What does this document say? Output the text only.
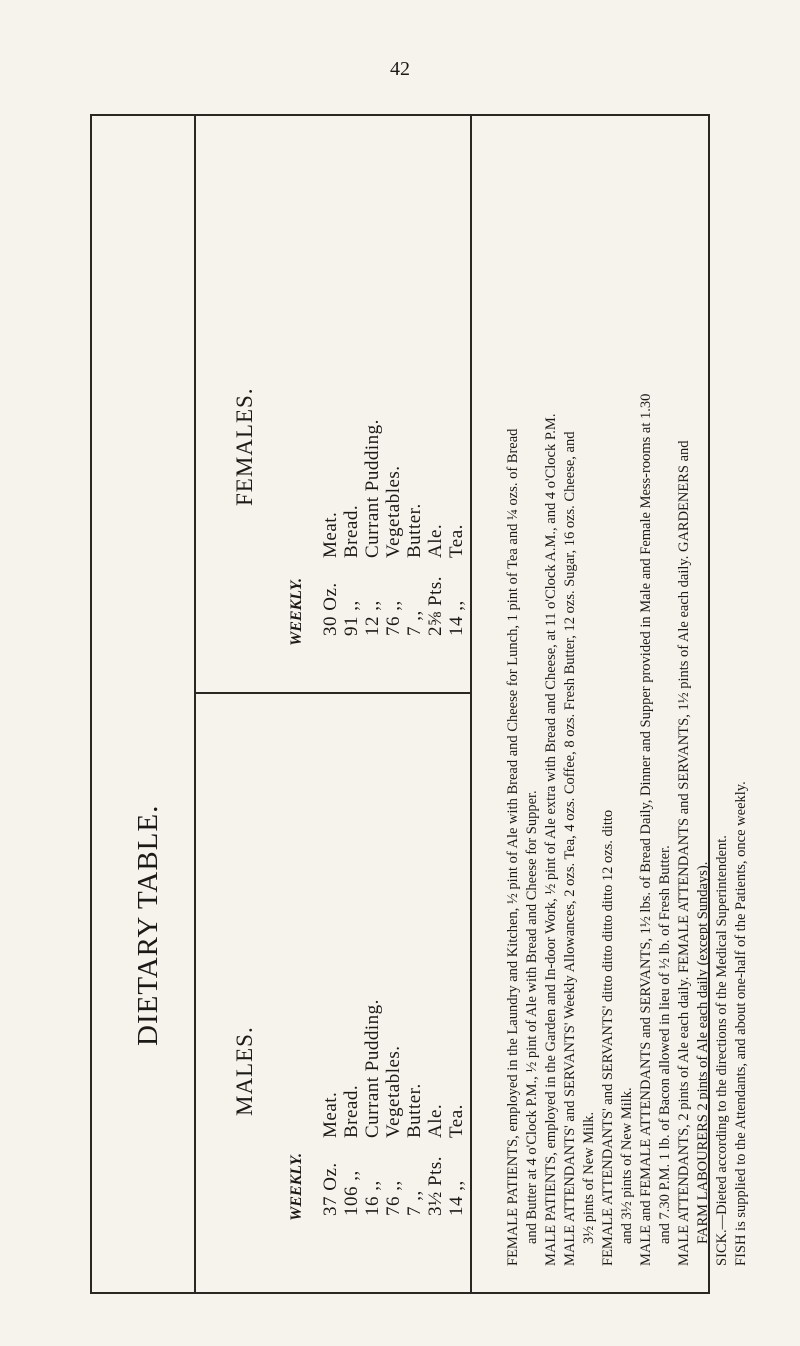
42
DIETARY TABLE.
MALES.
WEEKLY. 37 Oz.Meat.
106 ,,Bread.
16 ,,Currant Pudding.
76 ,,Vegetables.
7 ,,Butter.
3½ Pts.Ale.
14 ,,Tea.
FEMALES.
WEEKLY. 30 Oz.Meat.
91 ,,Bread.
12 ,,Currant Pudding.
76 ,,Vegetables.
7 ,,Butter.
2⅝ Pts.Ale.
14 ,,Tea.	FEMALE PATIENTS, employed in the Laundry and Kitchen, ½ pint of Ale with Bread and Cheese for Lunch, 1 pint of Tea and ¼ ozs. of Bread and Butter at 4 o'Clock P.M., ½ pint of Ale with Bread and Cheese for Supper. MALE PATIENTS, employed in the Garden and In-door Work, ½ pint of Ale extra with Bread and Cheese, at 11 o'Clock A.M., and 4 o'Clock P.M. MALE ATTENDANTS' and SERVANTS' Weekly Allowances, 2 ozs. Tea, 4 ozs. Coffee, 8 ozs. Fresh Butter, 12 ozs. Sugar, 16 ozs. Cheese, and 3½ pints of New Milk. FEMALE ATTENDANTS' and SERVANTS' ditto ditto ditto ditto 12 ozs. ditto and 3½ pints of New Milk. MALE and FEMALE ATTENDANTS and SERVANTS, 1½ lbs. of Bread Daily, Dinner and Supper provided in Male and Female Mess-rooms at 1.30 and 7.30 P.M. 1 lb. of Bacon allowed in lieu of ½ lb. of Fresh Butter. MALE ATTENDANTS, 2 pints of Ale each daily. FEMALE ATTENDANTS and SERVANTS, 1½ pints of Ale each daily. GARDENERS and FARM LABOURERS 2 pints of Ale each daily (except Sundays). SICK.—Dieted according to the directions of the Medical Superintendent. FISH is supplied to the Attendants, and about one-half of the Patients, once weekly.
